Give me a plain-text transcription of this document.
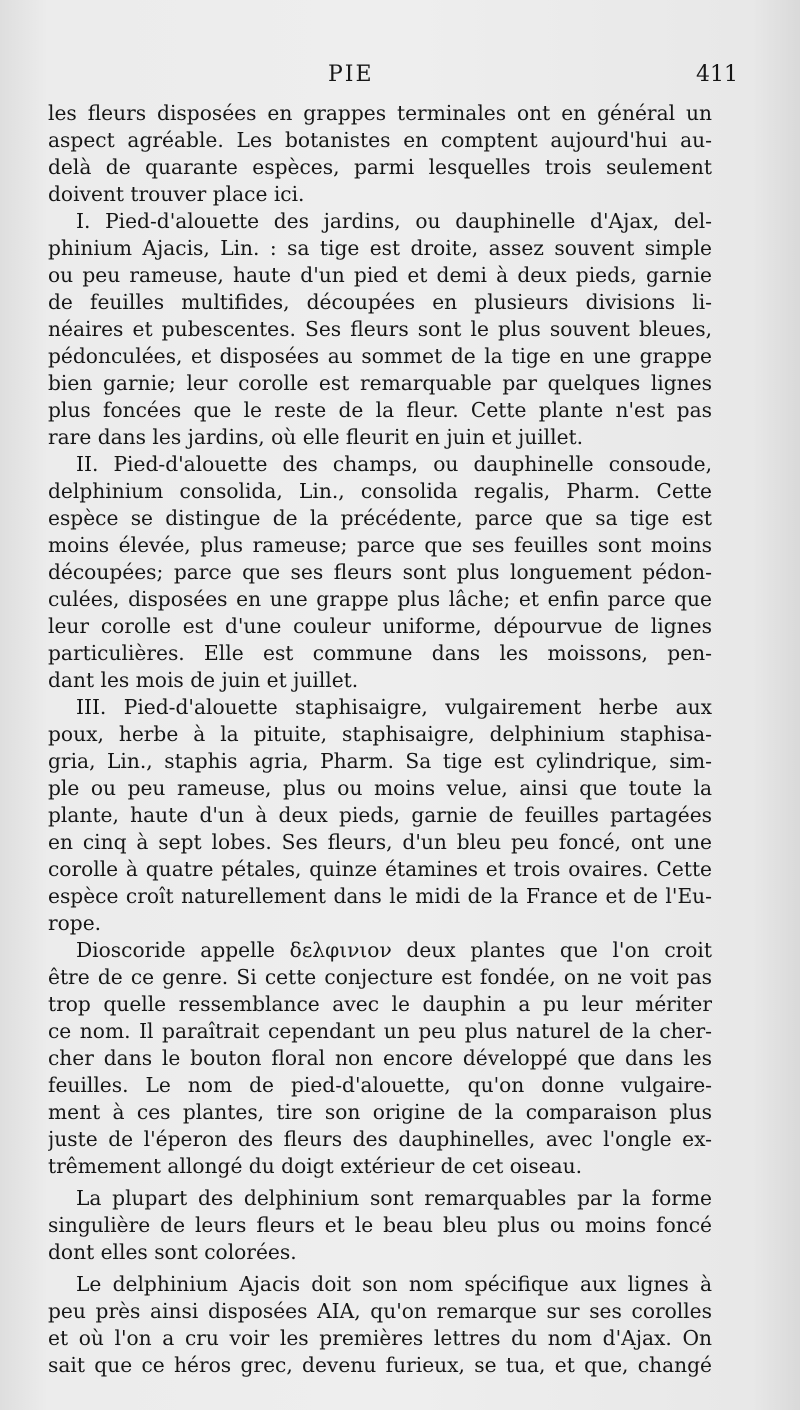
PIE	411
les fleurs disposées en grappes terminales ont en général un
aspect agréable. Les botanistes en comptent aujourd'hui au-
delà de quarante espèces, parmi lesquelles trois seulement
doivent trouver place ici.
I. Pied-d'alouette des jardins, ou dauphinelle d'Ajax, del-
phinium Ajacis, Lin. : sa tige est droite, assez souvent simple
ou peu rameuse, haute d'un pied et demi à deux pieds, garnie
de feuilles multifides, découpées en plusieurs divisions li-
néaires et pubescentes. Ses fleurs sont le plus souvent bleues,
pédonculées, et disposées au sommet de la tige en une grappe
bien garnie; leur corolle est remarquable par quelques lignes
plus foncées que le reste de la fleur. Cette plante n'est pas
rare dans les jardins, où elle fleurit en juin et juillet.
II. Pied-d'alouette des champs, ou dauphinelle consoude,
delphinium consolida, Lin., consolida regalis, Pharm. Cette
espèce se distingue de la précédente, parce que sa tige est
moins élevée, plus rameuse; parce que ses feuilles sont moins
découpées; parce que ses fleurs sont plus longuement pédon-
culées, disposées en une grappe plus lâche; et enfin parce que
leur corolle est d'une couleur uniforme, dépourvue de lignes
particulières. Elle est commune dans les moissons, pen-
dant les mois de juin et juillet.
III. Pied-d'alouette staphisaigre, vulgairement herbe aux
poux, herbe à la pituite, staphisaigre, delphinium staphisa-
gria, Lin., staphis agria, Pharm. Sa tige est cylindrique, sim-
ple ou peu rameuse, plus ou moins velue, ainsi que toute la
plante, haute d'un à deux pieds, garnie de feuilles partagées
en cinq à sept lobes. Ses fleurs, d'un bleu peu foncé, ont une
corolle à quatre pétales, quinze étamines et trois ovaires. Cette
espèce croît naturellement dans le midi de la France et de l'Eu-
rope.
Dioscoride appelle δελφινιον deux plantes que l'on croit
être de ce genre. Si cette conjecture est fondée, on ne voit pas
trop quelle ressemblance avec le dauphin a pu leur mériter
ce nom. Il paraîtrait cependant un peu plus naturel de la cher-
cher dans le bouton floral non encore développé que dans les
feuilles. Le nom de pied-d'alouette, qu'on donne vulgaire-
ment à ces plantes, tire son origine de la comparaison plus
juste de l'éperon des fleurs des dauphinelles, avec l'ongle ex-
trêmement allongé du doigt extérieur de cet oiseau.
La plupart des delphinium sont remarquables par la forme
singulière de leurs fleurs et le beau bleu plus ou moins foncé
dont elles sont colorées.
Le delphinium Ajacis doit son nom spécifique aux lignes à
peu près ainsi disposées AIA, qu'on remarque sur ses corolles
et où l'on a cru voir les premières lettres du nom d'Ajax. On
sait que ce héros grec, devenu furieux, se tua, et que, changé
